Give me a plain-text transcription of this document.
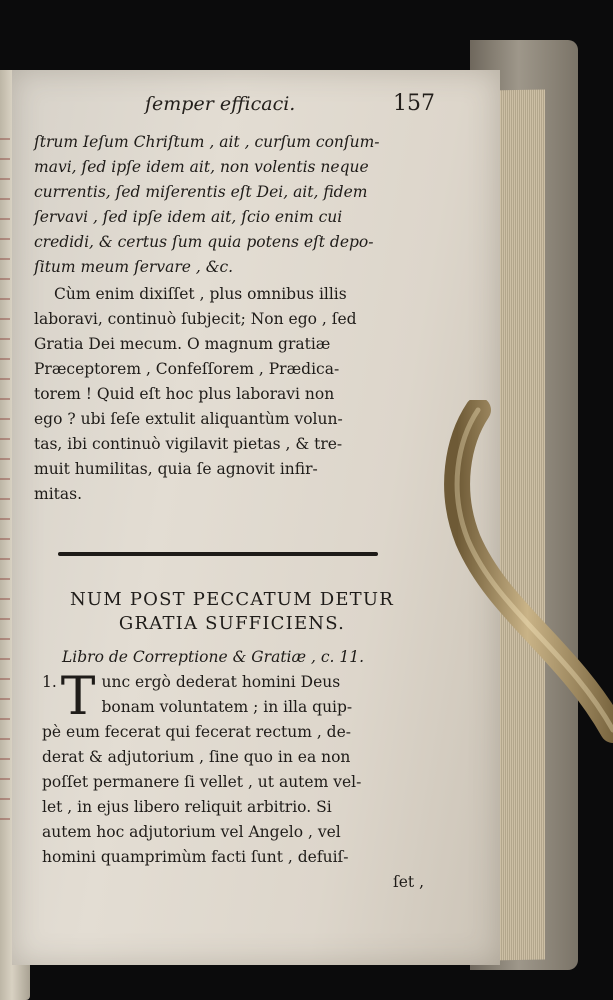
ſemper efficaci.	157
ſtrum Ieſum Chriſtum , ait , curſum conſum-
mavi, ſed ipſe idem ait, non volentis neque
currentis, ſed miſerentis eſt Dei, ait, fidem
ſervavi , ſed ipſe idem ait, ſcio enim cui
credidi, & certus ſum quia potens eſt depo-
ſitum meum ſervare , &c.
Cùm enim dixiſſet , plus omnibus illis
laboravi, continuò ſubjecit; Non ego , ſed
Gratia Dei mecum. O magnum gratiæ
Præceptorem , Confeſſorem , Prædica-
torem ! Quid eſt hoc plus laboravi non
ego ? ubi ſeſe extulit aliquantùm volun-
tas, ibi continuò vigilavit pietas , & tre-
muit humilitas, quia ſe agnovit infir-
mitas.
NUM POST PECCATUM DETUR
GRATIA SUFFICIENS.
Libro de Correptione & Gratiæ , c. 11.
1. T unc ergò dederat homini Deus
bonam voluntatem ; in illa quip-
pè eum fecerat qui fecerat rectum , de-
derat & adjutorium , ſine quo in ea non
poſſet permanere ſi vellet , ut autem vel-
let , in ejus libero reliquit arbitrio. Si
autem hoc adjutorium vel Angelo , vel
homini quamprimùm facti ſunt , defuiſ-
ſet ,
